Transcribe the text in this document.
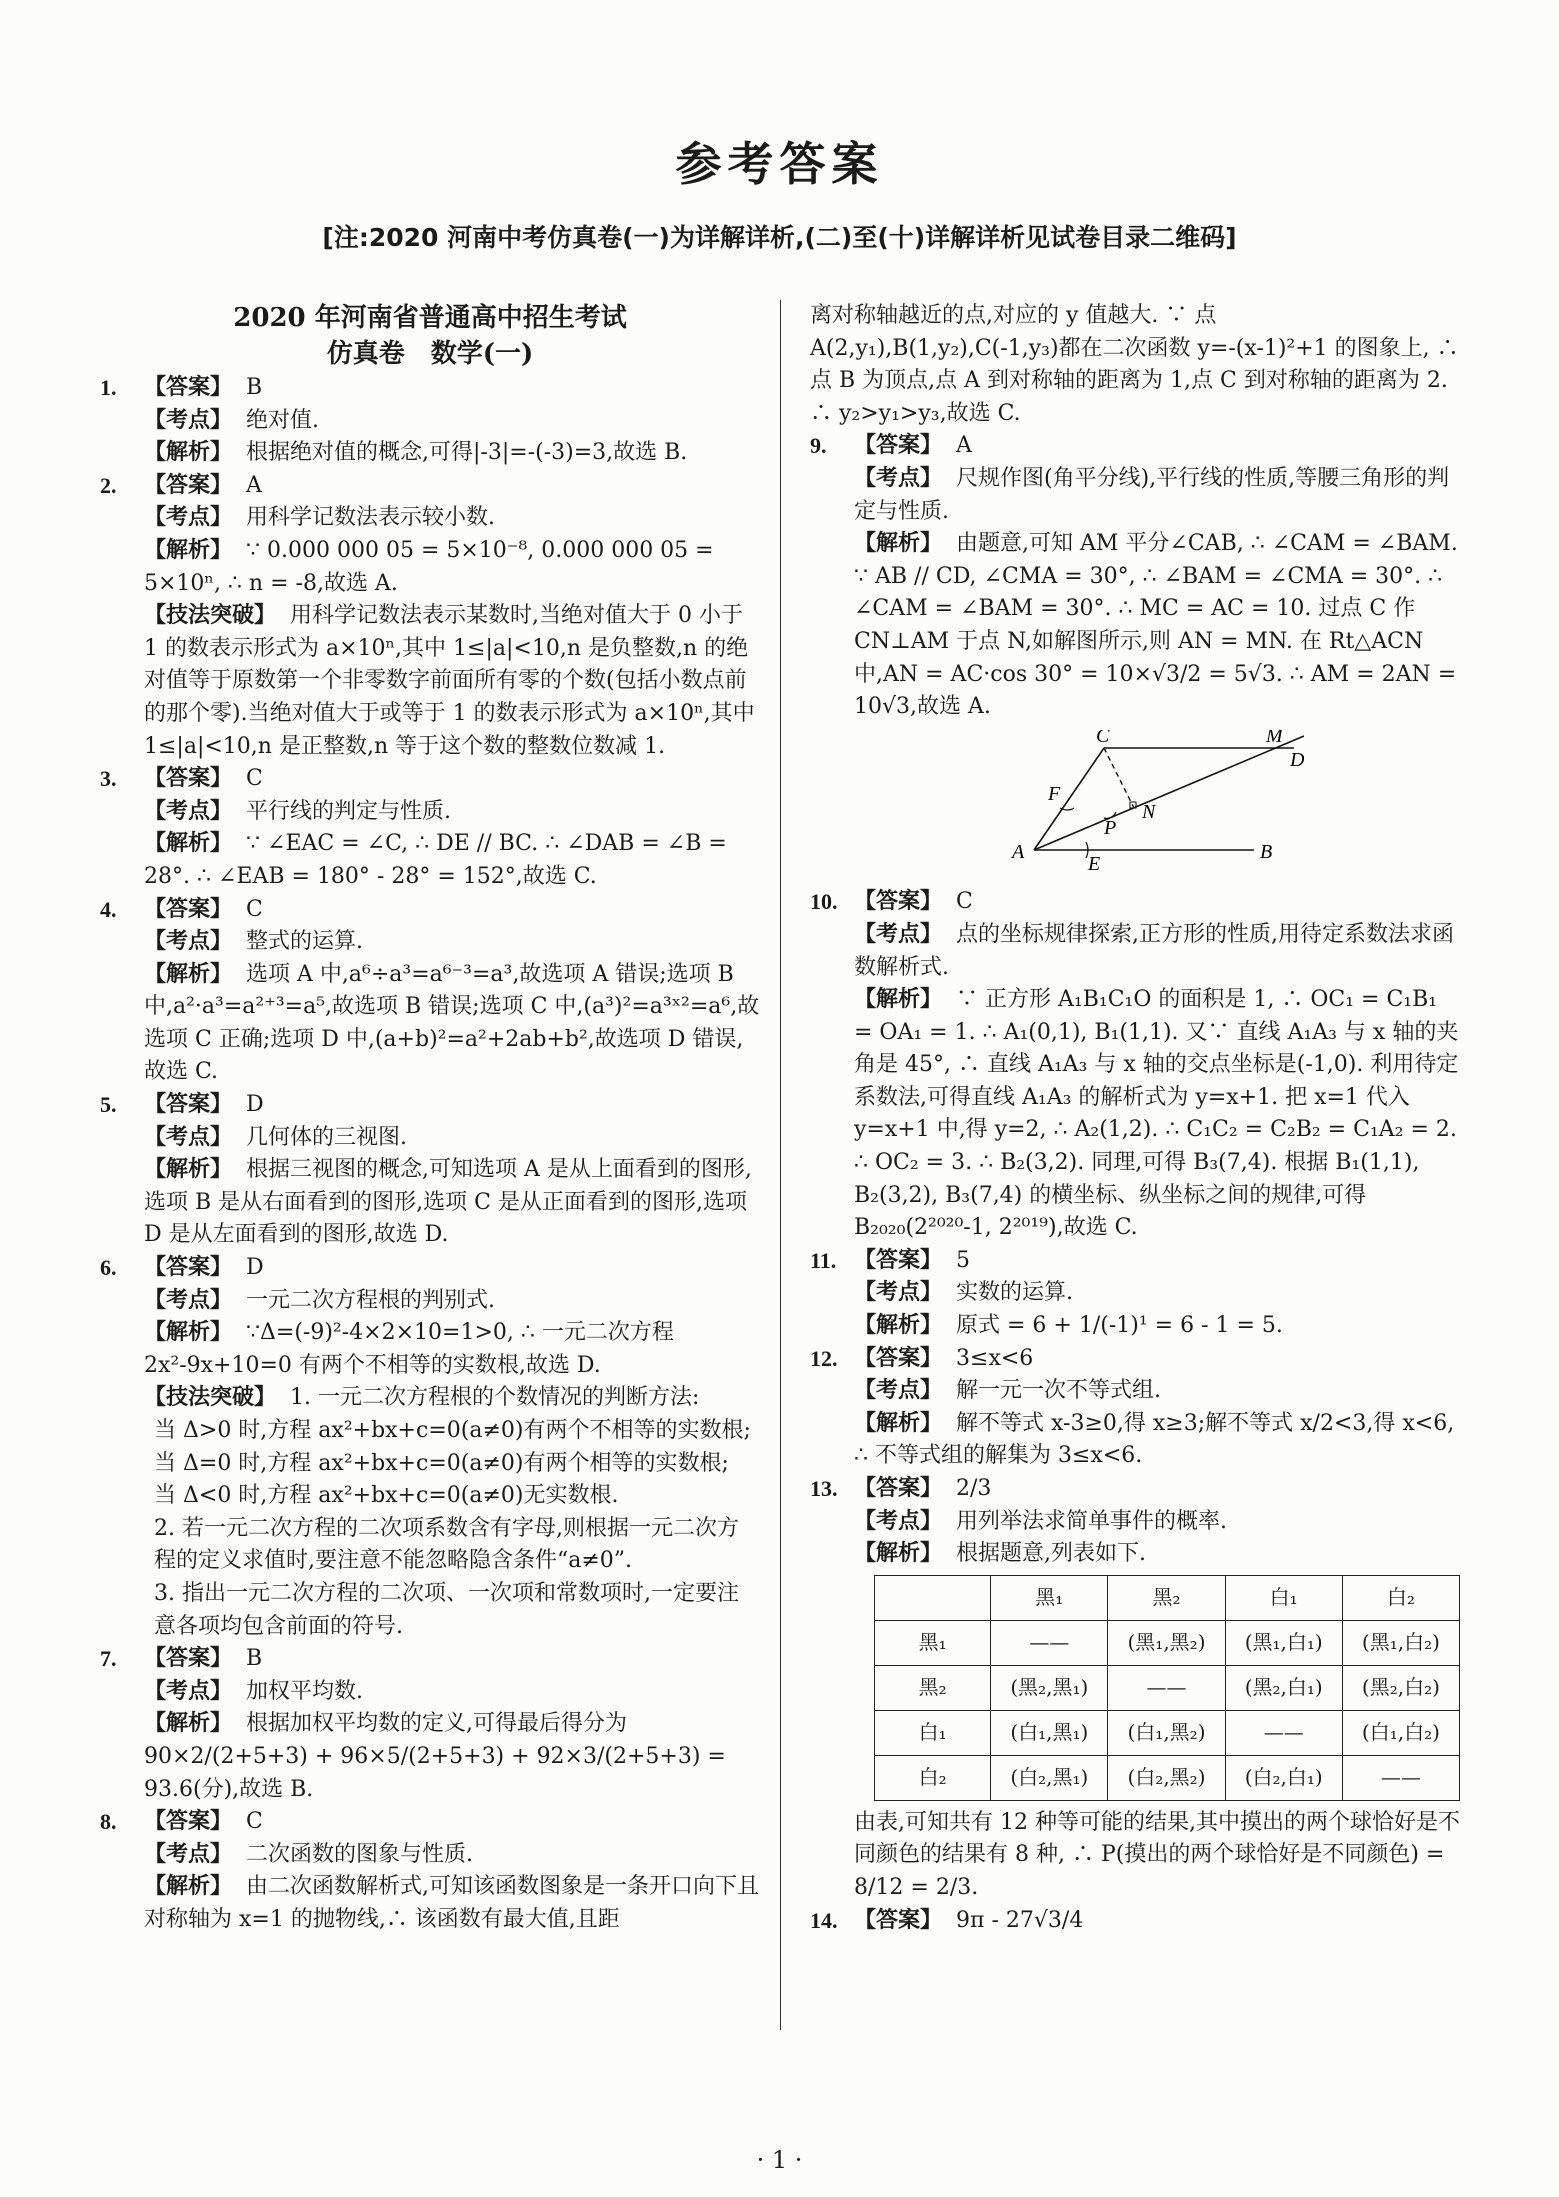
参考答案
[注:2020 河南中考仿真卷(一)为详解详析,(二)至(十)详解详析见试卷目录二维码]
2020 年河南省普通高中招生考试
仿真卷　数学(一)
1. 【答案】 B
【考点】 绝对值.
【解析】 根据绝对值的概念,可得|-3|=-(-3)=3,故选 B.
2. 【答案】 A
【考点】 用科学记数法表示较小数.
【解析】 ∵ 0.000 000 05 = 5×10⁻⁸, 0.000 000 05 = 5×10ⁿ, ∴ n = -8,故选 A.
【技法突破】 用科学记数法表示某数时,当绝对值大于 0 小于 1 的数表示形式为 a×10ⁿ,其中 1≤|a|<10,n 是负整数,n 的绝对值等于原数第一个非零数字前面所有零的个数(包括小数点前的那个零).当绝对值大于或等于 1 的数表示形式为 a×10ⁿ,其中 1≤|a|<10,n 是正整数,n 等于这个数的整数位数减 1.
3. 【答案】 C
【考点】 平行线的判定与性质.
【解析】 ∵ ∠EAC = ∠C, ∴ DE // BC. ∴ ∠DAB = ∠B = 28°. ∴ ∠EAB = 180° - 28° = 152°,故选 C.
4. 【答案】 C
【考点】 整式的运算.
【解析】 选项 A 中,a⁶÷a³=a⁶⁻³=a³,故选项 A 错误;选项 B 中,a²·a³=a²⁺³=a⁵,故选项 B 错误;选项 C 中,(a³)²=a³ˣ²=a⁶,故选项 C 正确;选项 D 中,(a+b)²=a²+2ab+b²,故选项 D 错误,故选 C.
5. 【答案】 D
【考点】 几何体的三视图.
【解析】 根据三视图的概念,可知选项 A 是从上面看到的图形,选项 B 是从右面看到的图形,选项 C 是从正面看到的图形,选项 D 是从左面看到的图形,故选 D.
6. 【答案】 D
【考点】 一元二次方程根的判别式.
【解析】 ∵Δ=(-9)²-4×2×10=1>0, ∴ 一元二次方程 2x²-9x+10=0 有两个不相等的实数根,故选 D.
【技法突破】 1. 一元二次方程根的个数情况的判断方法:
当 Δ>0 时,方程 ax²+bx+c=0(a≠0)有两个不相等的实数根;
当 Δ=0 时,方程 ax²+bx+c=0(a≠0)有两个相等的实数根;
当 Δ<0 时,方程 ax²+bx+c=0(a≠0)无实数根.
2. 若一元二次方程的二次项系数含有字母,则根据一元二次方程的定义求值时,要注意不能忽略隐含条件“a≠0”.
3. 指出一元二次方程的二次项、一次项和常数项时,一定要注意各项均包含前面的符号.
7. 【答案】 B
【考点】 加权平均数.
【解析】 根据加权平均数的定义,可得最后得分为 90×2/(2+5+3) + 96×5/(2+5+3) + 92×3/(2+5+3) = 93.6(分),故选 B.
8. 【答案】 C
【考点】 二次函数的图象与性质.
【解析】 由二次函数解析式,可知该函数图象是一条开口向下且对称轴为 x=1 的抛物线,∴ 该函数有最大值,且距
离对称轴越近的点,对应的 y 值越大. ∵ 点 A(2,y₁),B(1,y₂),C(-1,y₃)都在二次函数 y=-(x-1)²+1 的图象上, ∴ 点 B 为顶点,点 A 到对称轴的距离为 1,点 C 到对称轴的距离为 2. ∴ y₂>y₁>y₃,故选 C.
9. 【答案】 A
【考点】 尺规作图(角平分线),平行线的性质,等腰三角形的判定与性质.
【解析】 由题意,可知 AM 平分∠CAB, ∴ ∠CAM = ∠BAM. ∵ AB // CD, ∠CMA = 30°, ∴ ∠BAM = ∠CMA = 30°. ∴ ∠CAM = ∠BAM = 30°. ∴ MC = AC = 10. 过点 C 作 CN⊥AM 于点 N,如解图所示,则 AN = MN. 在 Rt△ACN 中,AN = AC·cos 30° = 10×√3/2 = 5√3. ∴ AM = 2AN = 10√3,故选 A.
C	M
D
F
N
P
A
E
B
10. 【答案】 C
【考点】 点的坐标规律探索,正方形的性质,用待定系数法求函数解析式.
【解析】 ∵ 正方形 A₁B₁C₁O 的面积是 1, ∴ OC₁ = C₁B₁ = OA₁ = 1. ∴ A₁(0,1), B₁(1,1). 又∵ 直线 A₁A₃ 与 x 轴的夹角是 45°, ∴ 直线 A₁A₃ 与 x 轴的交点坐标是(-1,0). 利用待定系数法,可得直线 A₁A₃ 的解析式为 y=x+1. 把 x=1 代入 y=x+1 中,得 y=2, ∴ A₂(1,2). ∴ C₁C₂ = C₂B₂ = C₁A₂ = 2. ∴ OC₂ = 3. ∴ B₂(3,2). 同理,可得 B₃(7,4). 根据 B₁(1,1), B₂(3,2), B₃(7,4) 的横坐标、纵坐标之间的规律,可得 B₂₀₂₀(2²⁰²⁰-1, 2²⁰¹⁹),故选 C.
11. 【答案】 5
【考点】 实数的运算.
【解析】 原式 = 6 + 1/(-1)¹ = 6 - 1 = 5.
12. 【答案】 3≤x<6
【考点】 解一元一次不等式组.
【解析】 解不等式 x-3≥0,得 x≥3;解不等式 x/2<3,得 x<6, ∴ 不等式组的解集为 3≤x<6.
13. 【答案】 2/3
【考点】 用列举法求简单事件的概率.
【解析】 根据题意,列表如下.
	黑₁	黑₂	白₁	白₂
黑₁	——	(黑₁,黑₂)	(黑₁,白₁)	(黑₁,白₂)
黑₂	(黑₂,黑₁)	——	(黑₂,白₁)	(黑₂,白₂)
白₁	(白₁,黑₁)	(白₁,黑₂)	——	(白₁,白₂)
白₂	(白₂,黑₁)	(白₂,黑₂)	(白₂,白₁)	——
由表,可知共有 12 种等可能的结果,其中摸出的两个球恰好是不同颜色的结果有 8 种, ∴ P(摸出的两个球恰好是不同颜色) = 8/12 = 2/3.
14. 【答案】 9π - 27√3/4
· 1 ·
